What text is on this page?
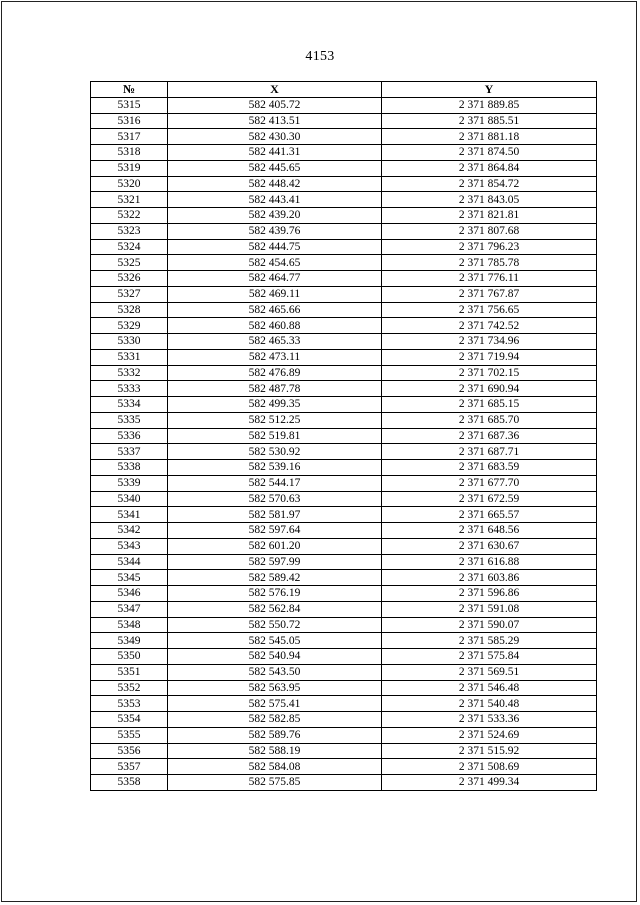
4153
№	X	Y
5315	582 405.72	2 371 889.85
5316	582 413.51	2 371 885.51
5317	582 430.30	2 371 881.18
5318	582 441.31	2 371 874.50
5319	582 445.65	2 371 864.84
5320	582 448.42	2 371 854.72
5321	582 443.41	2 371 843.05
5322	582 439.20	2 371 821.81
5323	582 439.76	2 371 807.68
5324	582 444.75	2 371 796.23
5325	582 454.65	2 371 785.78
5326	582 464.77	2 371 776.11
5327	582 469.11	2 371 767.87
5328	582 465.66	2 371 756.65
5329	582 460.88	2 371 742.52
5330	582 465.33	2 371 734.96
5331	582 473.11	2 371 719.94
5332	582 476.89	2 371 702.15
5333	582 487.78	2 371 690.94
5334	582 499.35	2 371 685.15
5335	582 512.25	2 371 685.70
5336	582 519.81	2 371 687.36
5337	582 530.92	2 371 687.71
5338	582 539.16	2 371 683.59
5339	582 544.17	2 371 677.70
5340	582 570.63	2 371 672.59
5341	582 581.97	2 371 665.57
5342	582 597.64	2 371 648.56
5343	582 601.20	2 371 630.67
5344	582 597.99	2 371 616.88
5345	582 589.42	2 371 603.86
5346	582 576.19	2 371 596.86
5347	582 562.84	2 371 591.08
5348	582 550.72	2 371 590.07
5349	582 545.05	2 371 585.29
5350	582 540.94	2 371 575.84
5351	582 543.50	2 371 569.51
5352	582 563.95	2 371 546.48
5353	582 575.41	2 371 540.48
5354	582 582.85	2 371 533.36
5355	582 589.76	2 371 524.69
5356	582 588.19	2 371 515.92
5357	582 584.08	2 371 508.69
5358	582 575.85	2 371 499.34
